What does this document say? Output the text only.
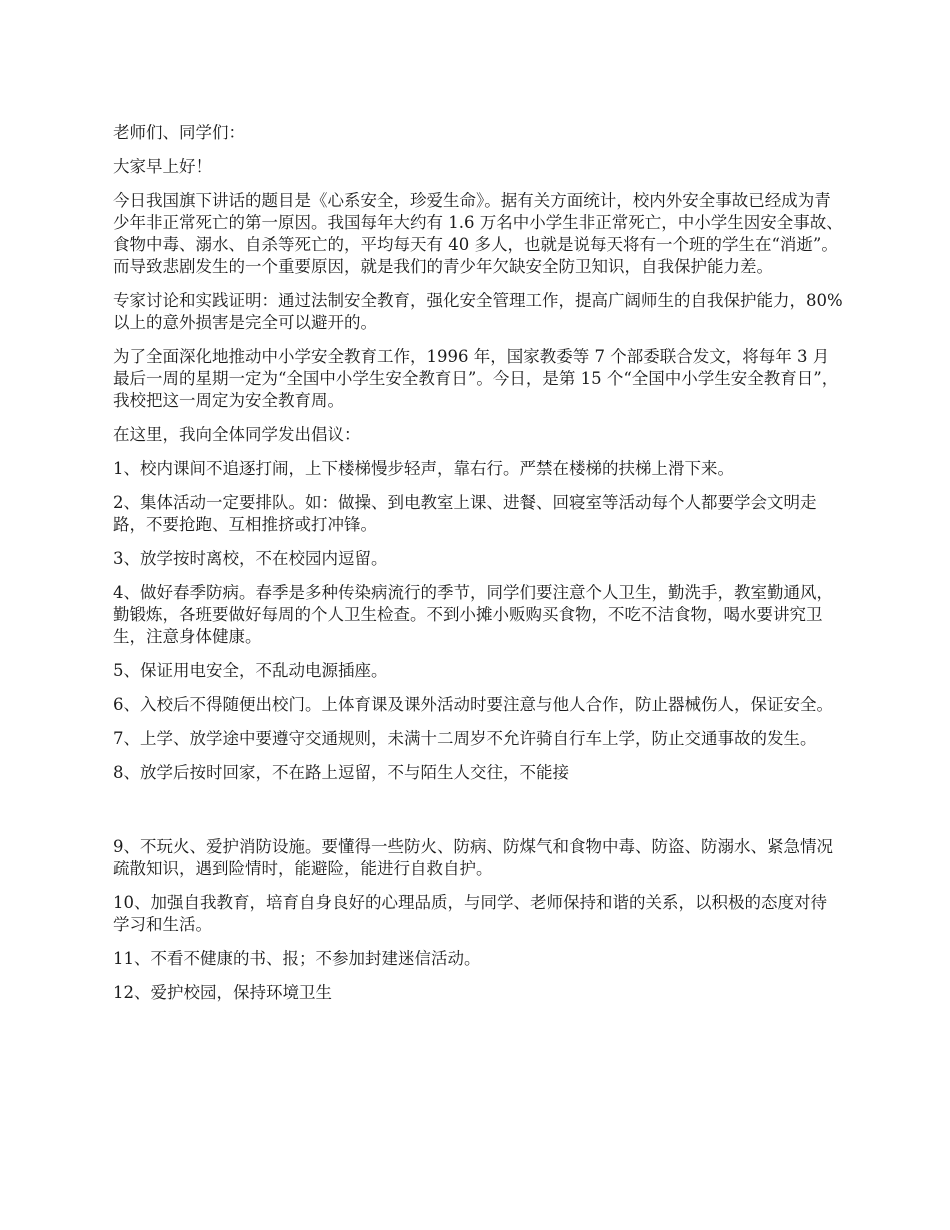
老师们、同学们：

大家早上好！

今日我国旗下讲话的题目是《心系安全，珍爱生命》。据有关方面统计，校内外安全事故已经成为青少年非正常死亡的第一原因。我国每年大约有 1.6 万名中小学生非正常死亡，中小学生因安全事故、食物中毒、溺水、自杀等死亡的，平均每天有 40 多人，也就是说每天将有一个班的学生在“消逝”。而导致悲剧发生的一个重要原因，就是我们的青少年欠缺安全防卫知识，自我保护能力差。

专家讨论和实践证明：通过法制安全教育，强化安全管理工作，提高广阔师生的自我保护能力，80%以上的意外损害是完全可以避开的。

为了全面深化地推动中小学安全教育工作，1996 年，国家教委等 7 个部委联合发文，将每年 3 月最后一周的星期一定为“全国中小学生安全教育日”。今日，是第 15 个“全国中小学生安全教育日”，我校把这一周定为安全教育周。

在这里，我向全体同学发出倡议：

1、校内课间不追逐打闹，上下楼梯慢步轻声，靠右行。严禁在楼梯的扶梯上滑下来。

2、集体活动一定要排队。如：做操、到电教室上课、进餐、回寝室等活动每个人都要学会文明走路，不要抢跑、互相推挤或打冲锋。

3、放学按时离校，不在校园内逗留。

4、做好春季防病。春季是多种传染病流行的季节，同学们要注意个人卫生，勤洗手，教室勤通风，勤锻炼，各班要做好每周的个人卫生检查。不到小摊小贩购买食物，不吃不洁食物，喝水要讲究卫生，注意身体健康。

5、保证用电安全，不乱动电源插座。

6、入校后不得随便出校门。上体育课及课外活动时要注意与他人合作，防止器械伤人，保证安全。

7、上学、放学途中要遵守交通规则，未满十二周岁不允许骑自行车上学，防止交通事故的发生。

8、放学后按时回家，不在路上逗留，不与陌生人交往，不能接

9、不玩火、爱护消防设施。要懂得一些防火、防病、防煤气和食物中毒、防盗、防溺水、紧急情况疏散知识，遇到险情时，能避险，能进行自救自护。

10、加强自我教育，培育自身良好的心理品质，与同学、老师保持和谐的关系，以积极的态度对待学习和生活。

11、不看不健康的书、报；不参加封建迷信活动。

12、爱护校园，保持环境卫生
